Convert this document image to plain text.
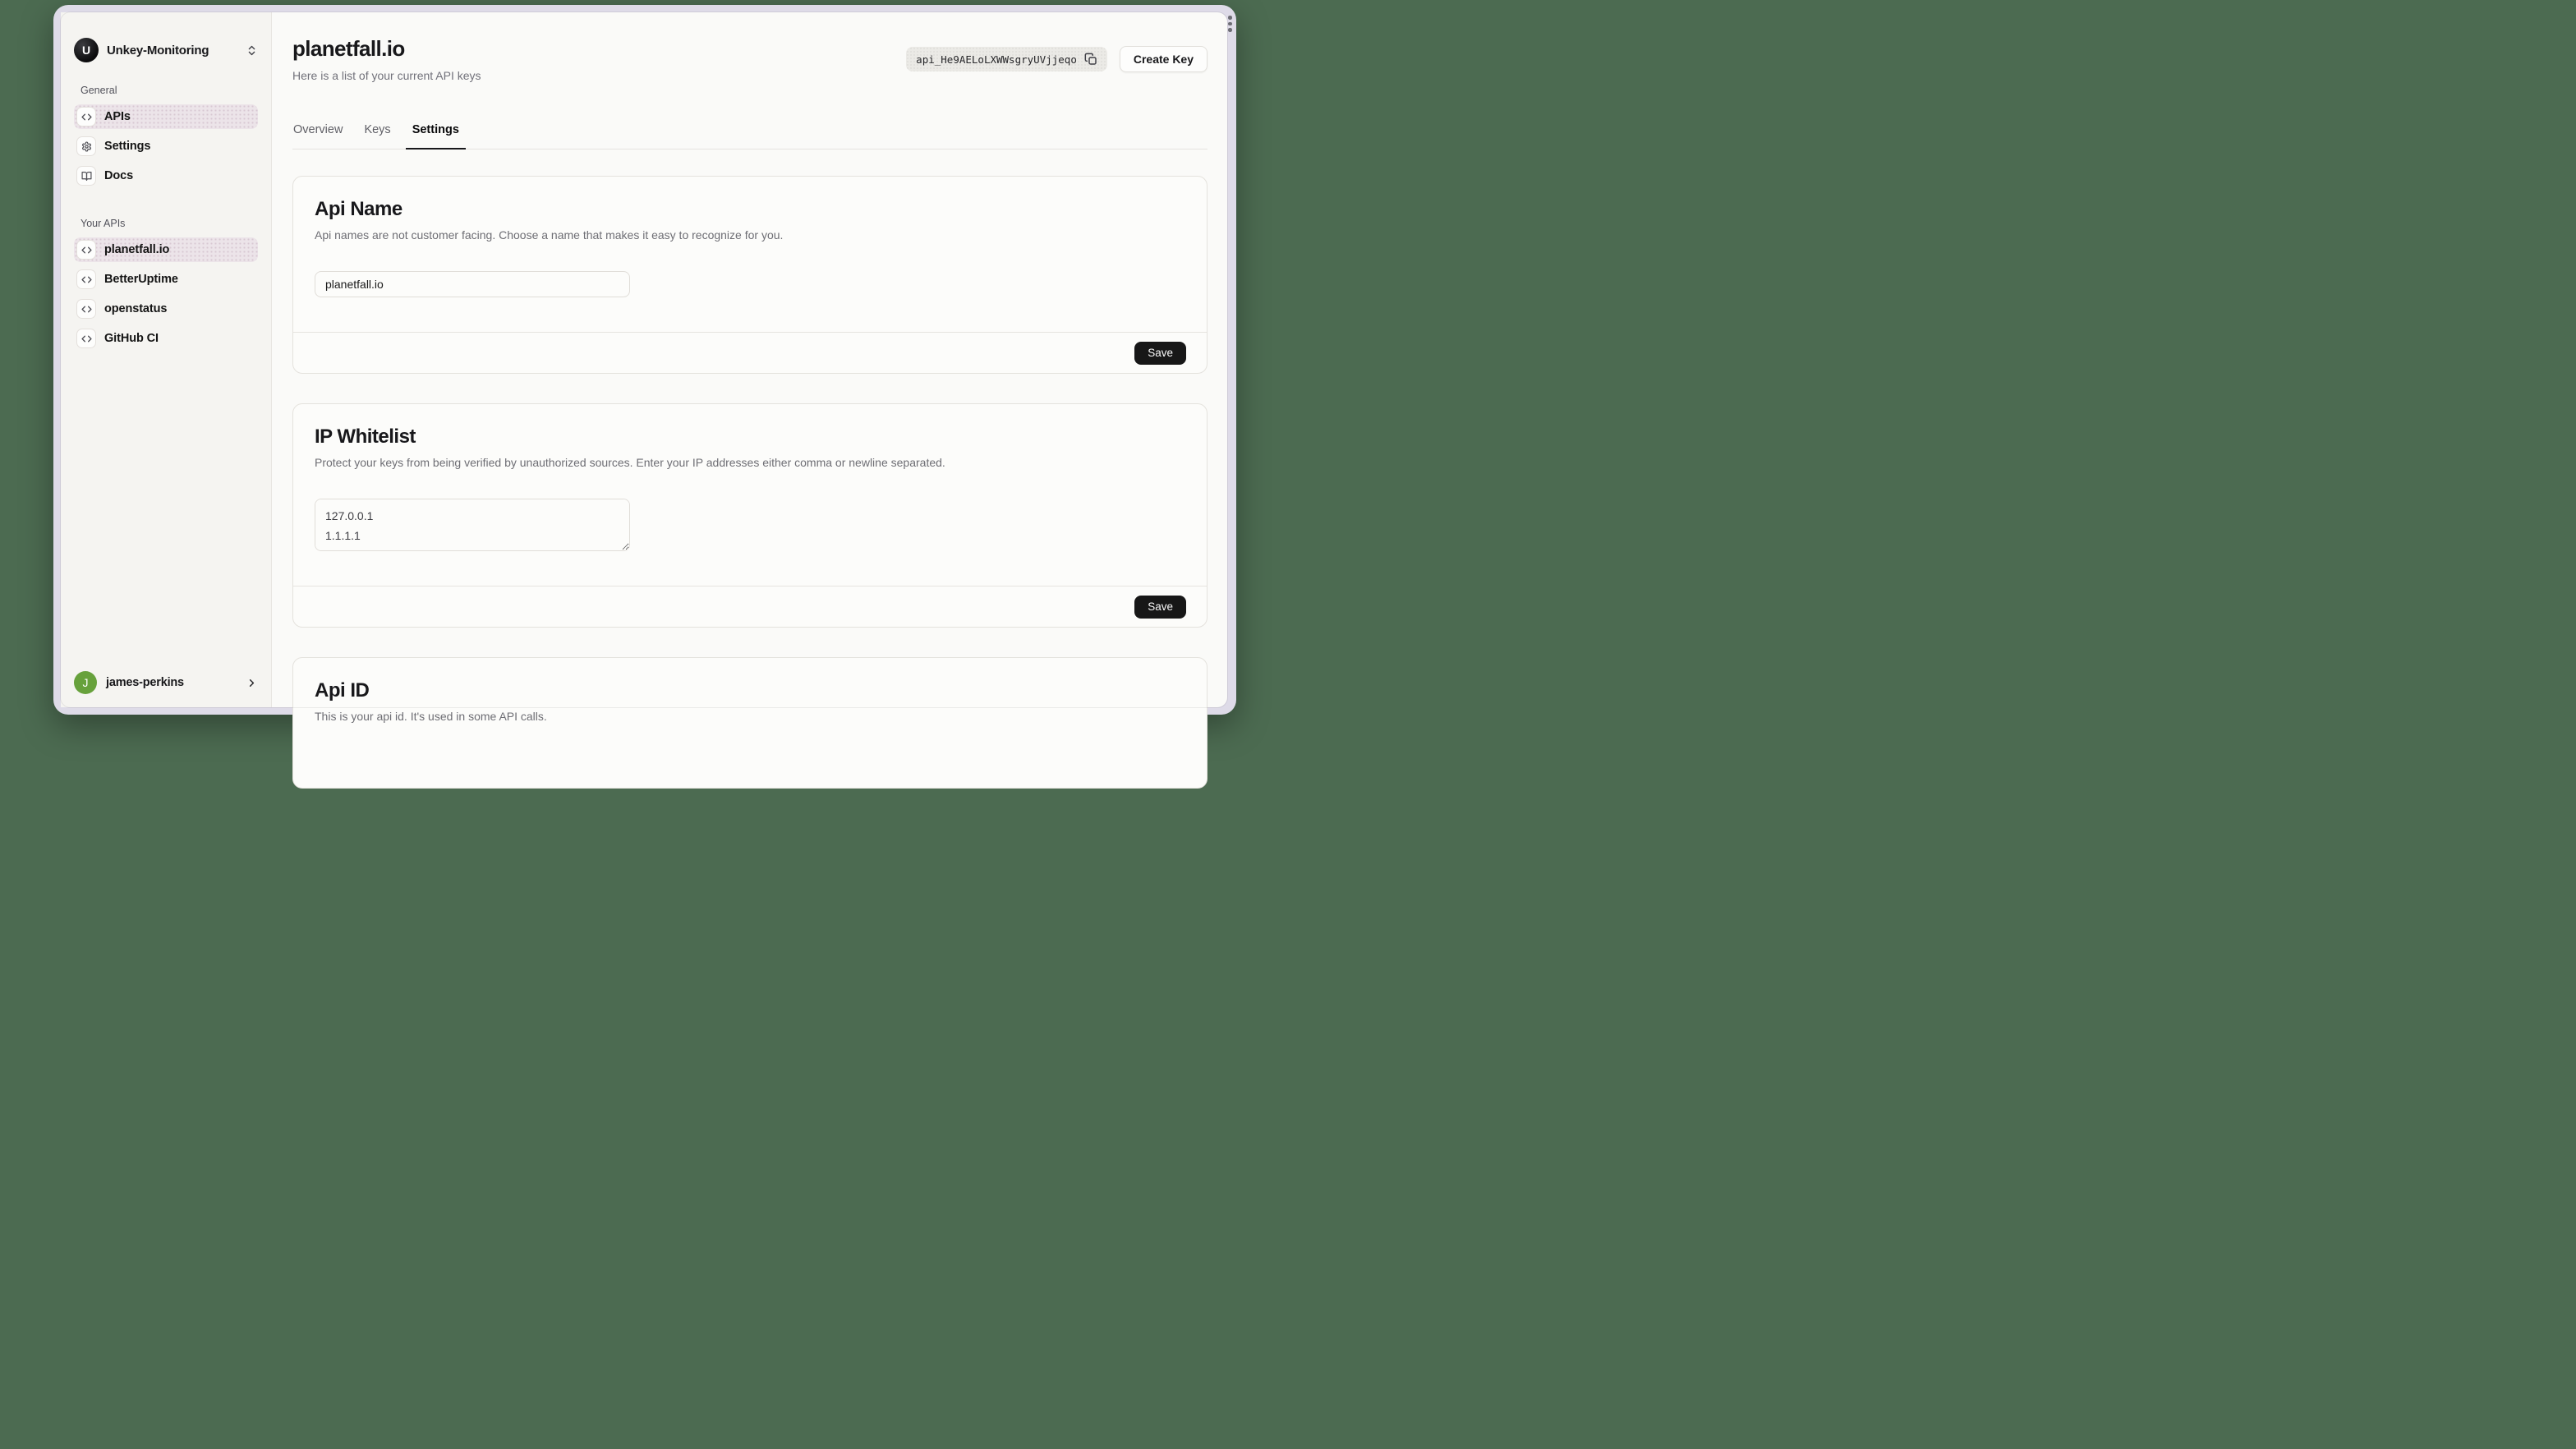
U	Unkey-Monitoring
General
APIs
Settings
Docs
Your APIs
planetfall.io
BetterUptime
openstatus
GitHub CI
J	james-perkins
planetfall.io

Here is a list of your current API keys

api_He9AELoLXWWsgryUVjjeqo	Create Key
Overview	Keys	Settings
Api Name

Api names are not customer facing. Choose a name that makes it easy to recognize for you.

planetfall.io
Save
IP Whitelist

Protect your keys from being verified by unauthorized sources. Enter your IP addresses either comma or newline separated.

127.0.0.1 1.1.1.1
Save
Api ID

This is your api id. It's used in some API calls.
